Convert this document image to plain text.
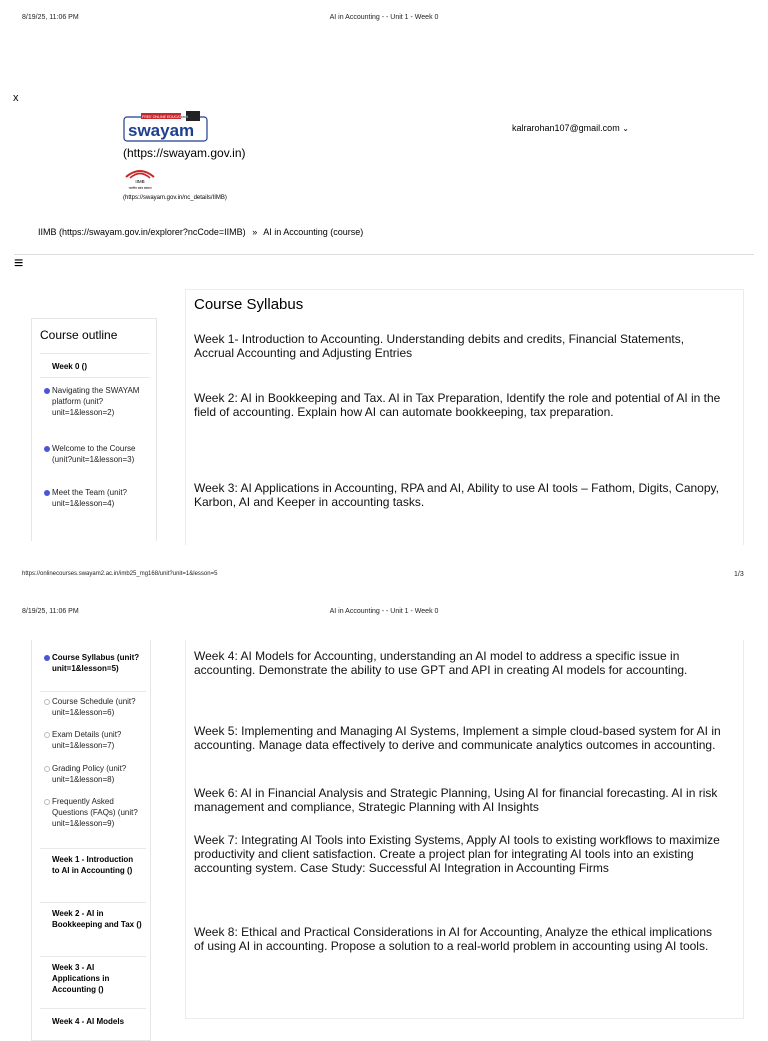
8/19/25, 11:06 PM	AI in Accounting - - Unit 1 - Week 0
x
swayam
FREE ONLINE EDUCATION
(https://swayam.gov.in)
IIMB
भारतीय प्रबंध संस्थान
(https://swayam.gov.in/nc_details/IIMB)
kalrarohan107@gmail.com ⌄
IIMB (https://swayam.gov.in/explorer?ncCode=IIMB) » AI in Accounting (course)
≡
Course outline
Week 0 ()
Navigating the SWAYAM platform (unit?unit=1&lesson=2)
Welcome to the Course (unit?unit=1&lesson=3)
Meet the Team (unit?unit=1&lesson=4)
Course Syllabus
Week 1- Introduction to Accounting. Understanding debits and credits, Financial Statements, Accrual Accounting and Adjusting Entries
Week 2: AI in Bookkeeping and Tax. AI in Tax Preparation, Identify the role and potential of AI in the field of accounting. Explain how AI can automate bookkeeping, tax preparation.
Week 3: AI Applications in Accounting, RPA and AI, Ability to use AI tools – Fathom, Digits, Canopy, Karbon, AI and Keeper in accounting tasks.
https://onlinecourses.swayam2.ac.in/imb25_mg168/unit?unit=1&lesson=5	1/3
8/19/25, 11:06 PM	AI in Accounting - - Unit 1 - Week 0
Course Syllabus (unit?unit=1&lesson=5)
Course Schedule (unit?unit=1&lesson=6)
Exam Details (unit?unit=1&lesson=7)
Grading Policy (unit?unit=1&lesson=8)
Frequently Asked Questions (FAQs) (unit?unit=1&lesson=9)
Week 1 - Introduction to AI in Accounting ()
Week 2 - AI in Bookkeeping and Tax ()
Week 3 - AI Applications in Accounting ()
Week 4 - AI Models
Week 4: AI Models for Accounting, understanding an AI model to address a specific issue in accounting. Demonstrate the ability to use GPT and API in creating AI models for accounting.
Week 5: Implementing and Managing AI Systems, Implement a simple cloud-based system for AI in accounting. Manage data effectively to derive and communicate analytics outcomes in accounting.
Week 6: AI in Financial Analysis and Strategic Planning, Using AI for financial forecasting. AI in risk management and compliance, Strategic Planning with AI Insights
Week 7: Integrating AI Tools into Existing Systems, Apply AI tools to existing workflows to maximize productivity and client satisfaction. Create a project plan for integrating AI tools into an existing accounting system. Case Study: Successful AI Integration in Accounting Firms
Week 8: Ethical and Practical Considerations in AI for Accounting, Analyze the ethical implications of using AI in accounting. Propose a solution to a real-world problem in accounting using AI tools.
